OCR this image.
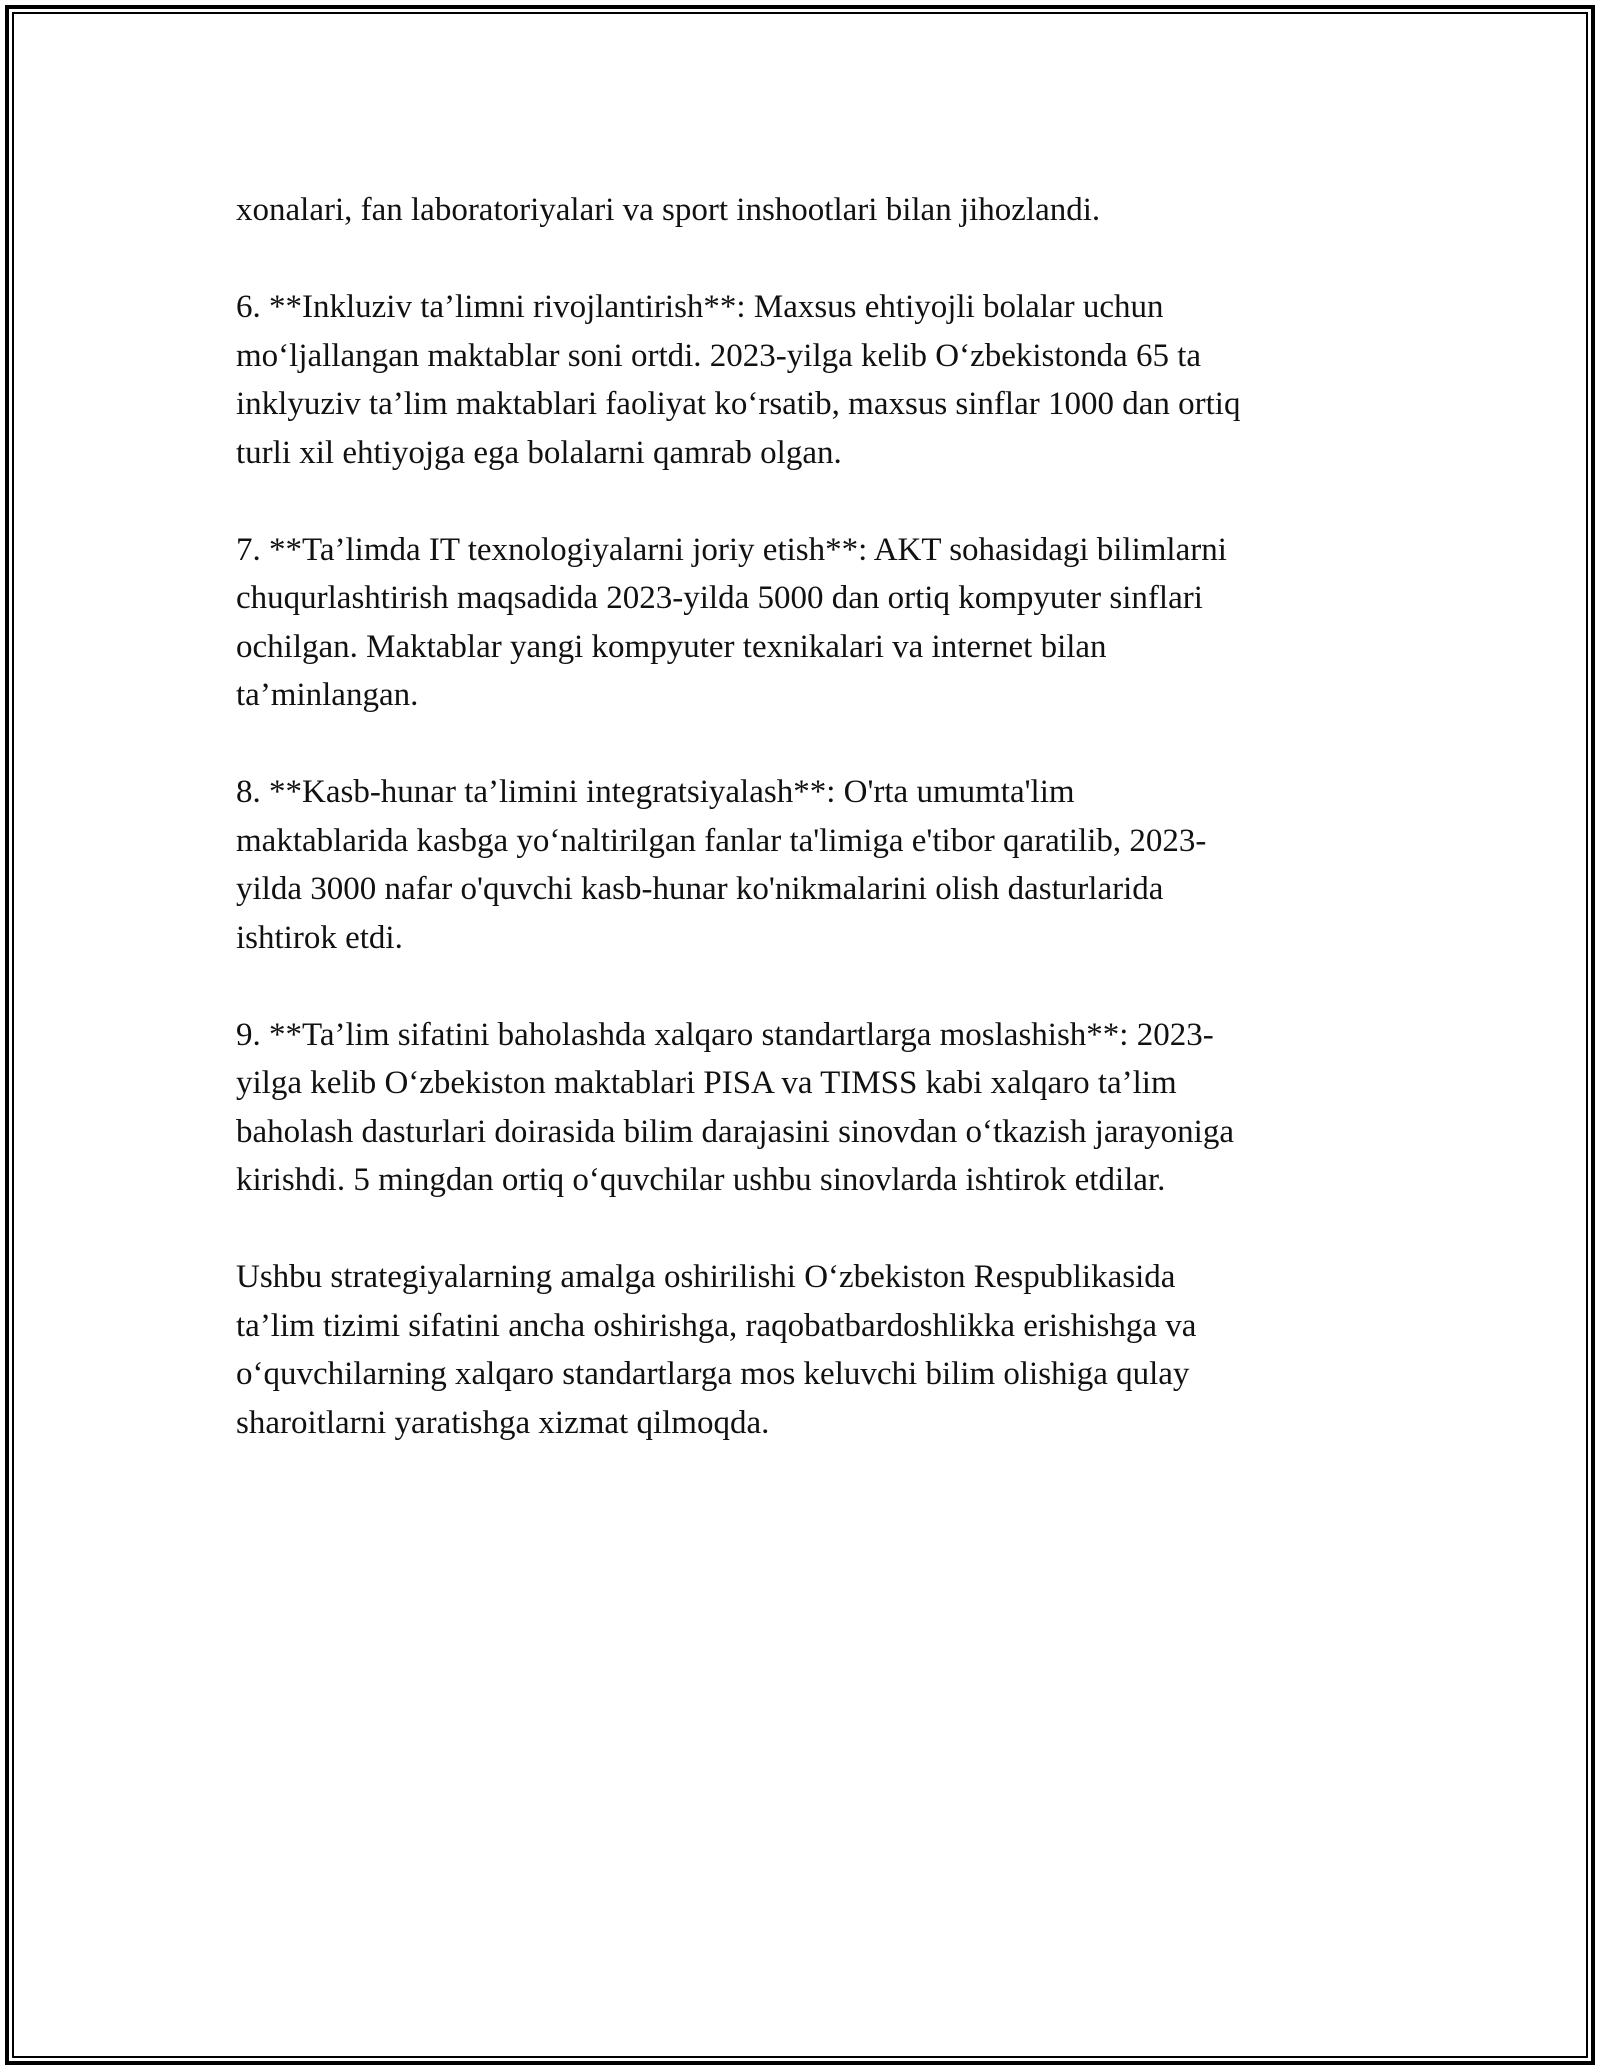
xonalari, fan laboratoriyalari va sport inshootlari bilan jihozlandi.

6. **Inkluziv ta’limni rivojlantirish**: Maxsus ehtiyojli bolalar uchun
mo‘ljallangan maktablar soni ortdi. 2023-yilga kelib O‘zbekistonda 65 ta
inklyuziv ta’lim maktablari faoliyat ko‘rsatib, maxsus sinflar 1000 dan ortiq
turli xil ehtiyojga ega bolalarni qamrab olgan.

7. **Ta’limda IT texnologiyalarni joriy etish**: AKT sohasidagi bilimlarni
chuqurlashtirish maqsadida 2023-yilda 5000 dan ortiq kompyuter sinflari
ochilgan. Maktablar yangi kompyuter texnikalari va internet bilan
ta’minlangan.

8. **Kasb-hunar ta’limini integratsiyalash**: O'rta umumta'lim
maktablarida kasbga yo‘naltirilgan fanlar ta'limiga e'tibor qaratilib, 2023-
yilda 3000 nafar o'quvchi kasb-hunar ko'nikmalarini olish dasturlarida
ishtirok etdi.

9. **Ta’lim sifatini baholashda xalqaro standartlarga moslashish**: 2023-
yilga kelib O‘zbekiston maktablari PISA va TIMSS kabi xalqaro ta’lim
baholash dasturlari doirasida bilim darajasini sinovdan o‘tkazish jarayoniga
kirishdi. 5 mingdan ortiq o‘quvchilar ushbu sinovlarda ishtirok etdilar.

Ushbu strategiyalarning amalga oshirilishi O‘zbekiston Respublikasida
ta’lim tizimi sifatini ancha oshirishga, raqobatbardoshlikka erishishga va
o‘quvchilarning xalqaro standartlarga mos keluvchi bilim olishiga qulay
sharoitlarni yaratishga xizmat qilmoqda.
